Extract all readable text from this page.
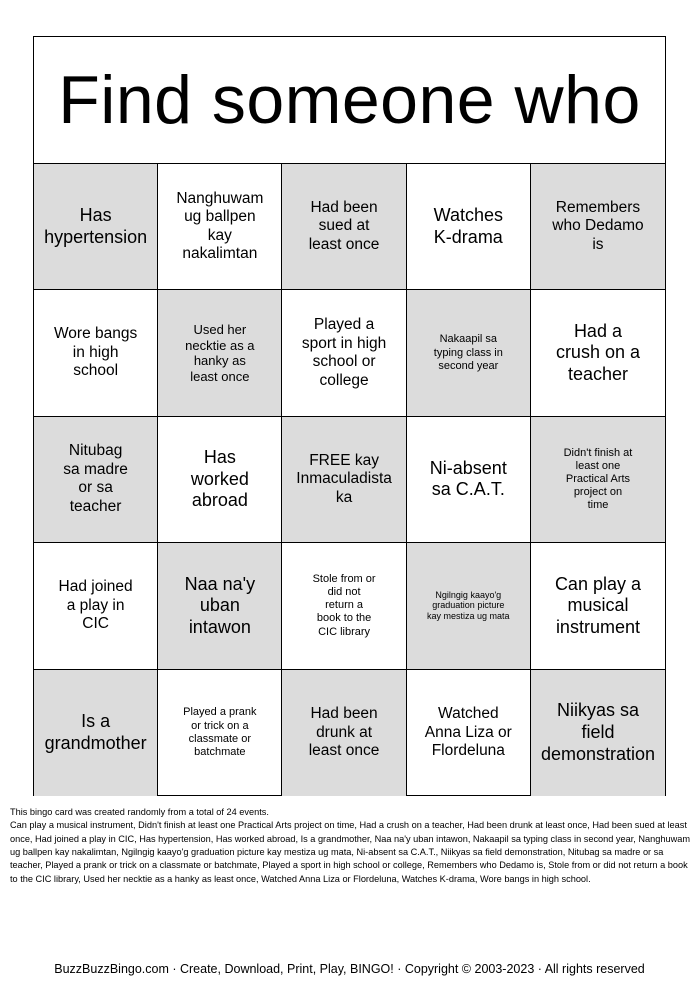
Find someone who
Has hypertension
Nanghuwam ug ballpen kay nakalimtan
Had been sued at least once
Watches K-drama
Remembers who Dedamo is
Wore bangs in high school
Used her necktie as a hanky as least once
Played a sport in high school or college
Nakaapil sa typing class in second year
Had a crush on a teacher
Nitubag sa madre or sa teacher
Has worked abroad
FREE kay Inmaculadista ka
Ni-absent sa C.A.T.
Didn't finish at least one Practical Arts project on time
Had joined a play in CIC
Naa na'y uban intawon
Stole from or did not return a book to the CIC library
Ngilngig kaayo'g graduation picture kay mestiza ug mata
Can play a musical instrument
Is a grandmother
Played a prank or trick on a classmate or batchmate
Had been drunk at least once
Watched Anna Liza or Flordeluna
Niikyas sa field demonstration

This bingo card was created randomly from a total of 24 events.

Can play a musical instrument, Didn't finish at least one Practical Arts project on time, Had a crush on a teacher, Had been drunk at least once, Had been sued at least once, Had joined a play in CIC, Has hypertension, Has worked abroad, Is a grandmother, Naa na'y uban intawon, Nakaapil sa typing class in second year, Nanghuwam ug ballpen kay nakalimtan, Ngilngig kaayo'g graduation picture kay mestiza ug mata, Ni-absent sa C.A.T., Niikyas sa field demonstration, Nitubag sa madre or sa teacher, Played a prank or trick on a classmate or batchmate, Played a sport in high school or college, Remembers who Dedamo is, Stole from or did not return a book to the CIC library, Used her necktie as a hanky as least once, Watched Anna Liza or Flordeluna, Watches K-drama, Wore bangs in high school.

BuzzBuzzBingo.com · Create, Download, Print, Play, BINGO! · Copyright © 2003-2023 · All rights reserved
